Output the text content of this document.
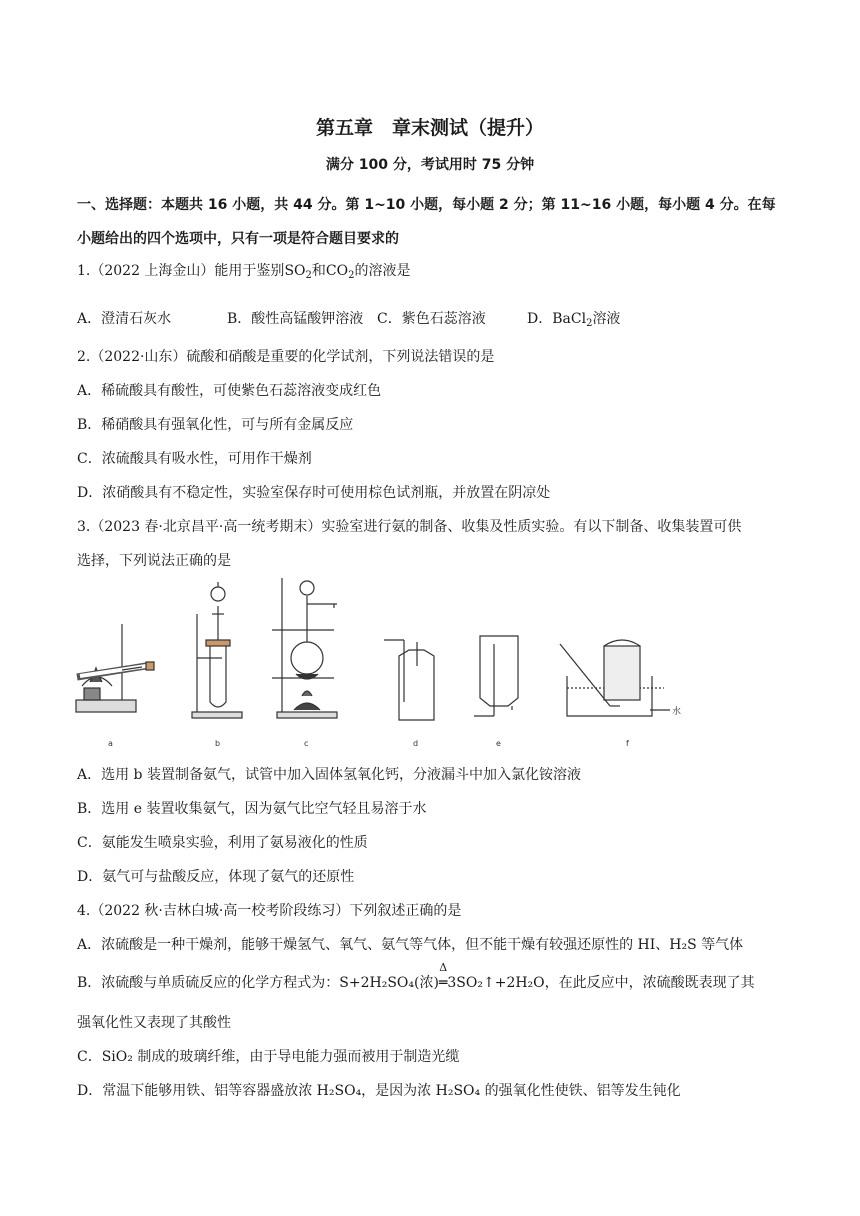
第五章　章末测试（提升）
满分 100 分，考试用时 75 分钟
一、选择题：本题共 16 小题，共 44 分。第 1~10 小题，每小题 2 分；第 11~16 小题，每小题 4 分。在每小题给出的四个选项中，只有一项是符合题目要求的
1.（2022 上海金山）能用于鉴别$SO_2$和$CO_2$的溶液是
A．澄清石灰水	B．酸性高锰酸钾溶液 C．紫色石蕊溶液	D．BaCl$_2$溶液
2.（2022·山东）硫酸和硝酸是重要的化学试剂，下列说法错误的是
A．稀硫酸具有酸性，可使紫色石蕊溶液变成红色
B．稀硝酸具有强氧化性，可与所有金属反应
C．浓硫酸具有吸水性，可用作干燥剂
D．浓硝酸具有不稳定性，实验室保存时可使用棕色试剂瓶，并放置在阴凉处
3.（2023 春·北京昌平·高一统考期末）实验室进行氨的制备、收集及性质实验。有以下制备、收集装置可供
选择，下列说法正确的是
a	b	c	d	e
水
f
A．选用 b 装置制备氨气，试管中加入固体氢氧化钙，分液漏斗中加入氯化铵溶液
B．选用 e 装置收集氨气，因为氨气比空气轻且易溶于水
C．氨能发生喷泉实验，利用了氨易液化的性质
D．氨气可与盐酸反应，体现了氨气的还原性
4.（2022 秋·吉林白城·高一校考阶段练习）下列叙述正确的是
A．浓硫酸是一种干燥剂，能够干燥氢气、氧气、氨气等气体，但不能干燥有较强还原性的 HI、H₂S 等气体
B．浓硫酸与单质硫反应的化学方程式为：S+2H₂SO₄(浓)
Δ
═3SO₂↑+2H₂O，在此反应中，浓硫酸既表现了其
强氧化性又表现了其酸性
C．SiO₂ 制成的玻璃纤维，由于导电能力强而被用于制造光缆
D．常温下能够用铁、铝等容器盛放浓 H₂SO₄，是因为浓 H₂SO₄ 的强氧化性使铁、铝等发生钝化
